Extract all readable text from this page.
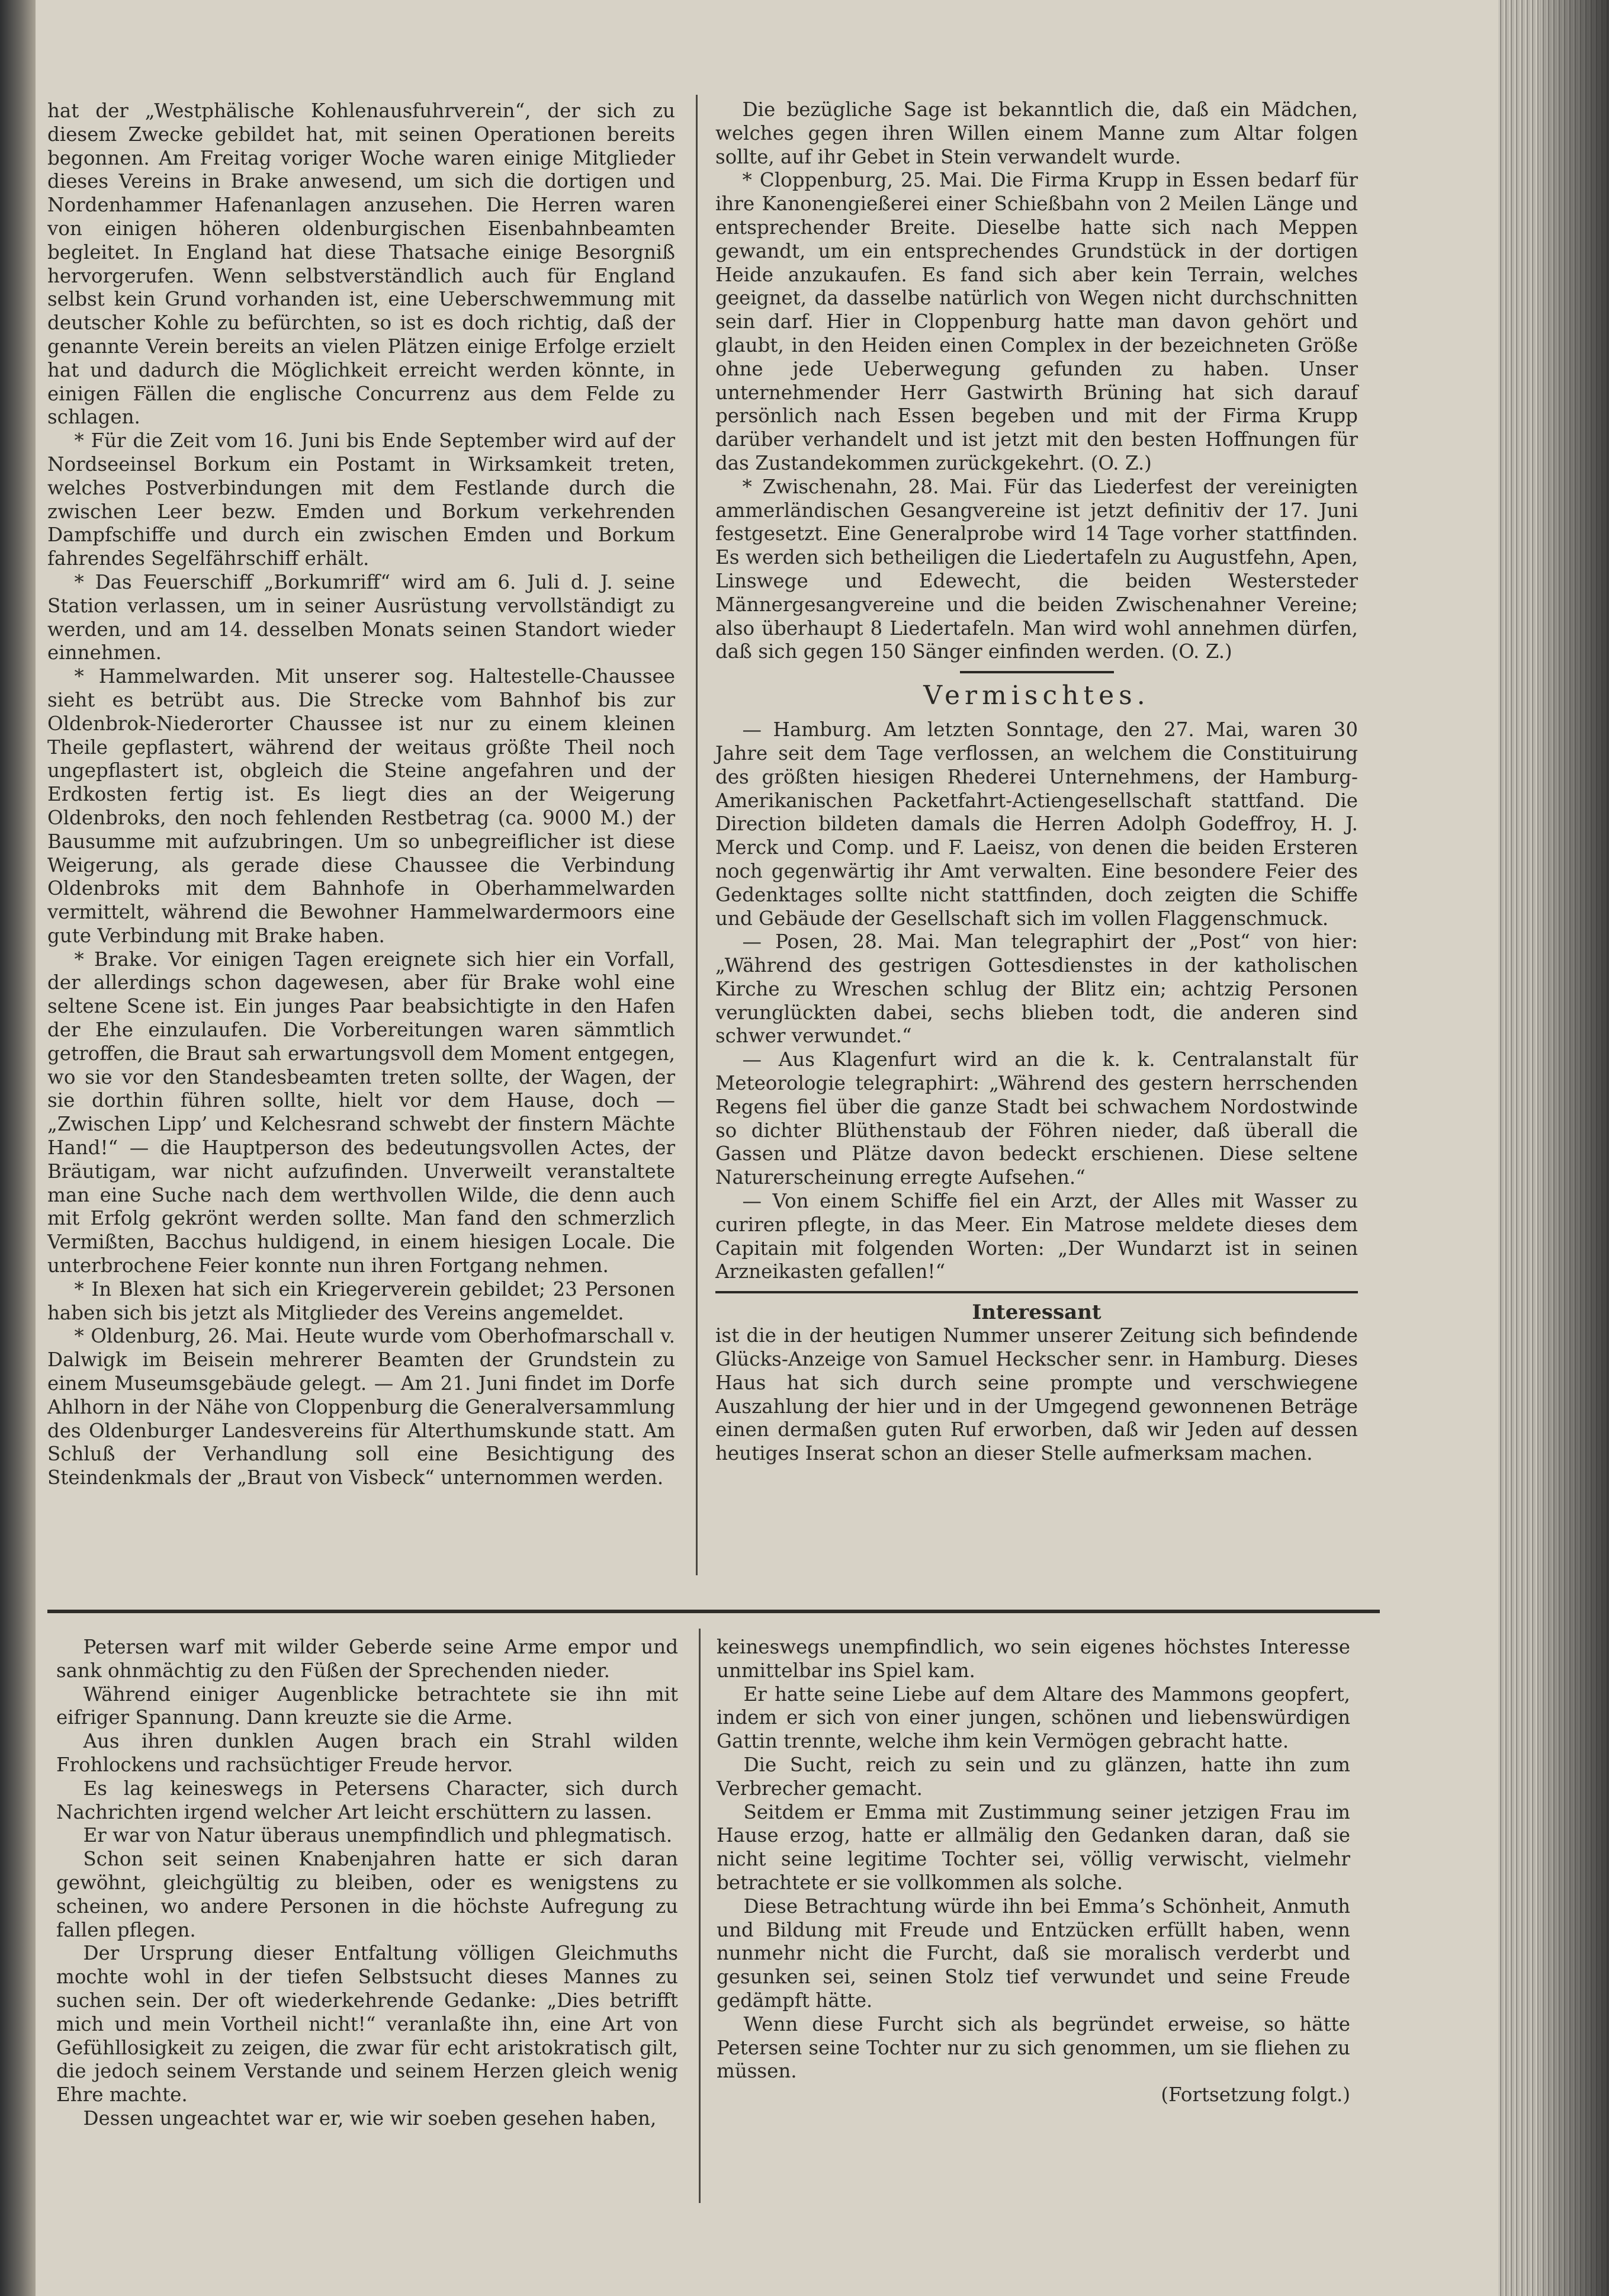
hat der „Westphälische Kohlenausfuhrverein“, der sich zu diesem Zwecke gebildet hat, mit seinen Operationen bereits begonnen. Am Freitag voriger Woche waren einige Mitglieder dieses Vereins in Brake anwesend, um sich die dortigen und Nordenhammer Hafenanlagen anzusehen. Die Herren waren von einigen höheren oldenburgischen Eisenbahnbeamten begleitet. In England hat diese Thatsache einige Besorgniß hervorgerufen. Wenn selbstverständlich auch für England selbst kein Grund vorhanden ist, eine Ueberschwemmung mit deutscher Kohle zu befürchten, so ist es doch richtig, daß der genannte Verein bereits an vielen Plätzen einige Erfolge erzielt hat und dadurch die Möglichkeit erreicht werden könnte, in einigen Fällen die englische Concurrenz aus dem Felde zu schlagen.

* Für die Zeit vom 16. Juni bis Ende September wird auf der Nordseeinsel Borkum ein Postamt in Wirksamkeit treten, welches Postverbindungen mit dem Festlande durch die zwischen Leer bezw. Emden und Borkum verkehrenden Dampfschiffe und durch ein zwischen Emden und Borkum fahrendes Segelfährschiff erhält.

* Das Feuerschiff „Borkumriff“ wird am 6. Juli d. J. seine Station verlassen, um in seiner Ausrüstung vervollständigt zu werden, und am 14. desselben Monats seinen Standort wieder einnehmen.

* Hammelwarden. Mit unserer sog. Haltestelle-Chaussee sieht es betrübt aus. Die Strecke vom Bahnhof bis zur Oldenbrok-Niederorter Chaussee ist nur zu einem kleinen Theile gepflastert, während der weitaus größte Theil noch ungepflastert ist, obgleich die Steine angefahren und der Erdkosten fertig ist. Es liegt dies an der Weigerung Oldenbroks, den noch fehlenden Restbetrag (ca. 9000 M.) der Bausumme mit aufzubringen. Um so unbegreiflicher ist diese Weigerung, als gerade diese Chaussee die Verbindung Oldenbroks mit dem Bahnhofe in Oberhammelwarden vermittelt, während die Bewohner Hammelwardermoors eine gute Verbindung mit Brake haben.

* Brake. Vor einigen Tagen ereignete sich hier ein Vorfall, der allerdings schon dagewesen, aber für Brake wohl eine seltene Scene ist. Ein junges Paar beabsichtigte in den Hafen der Ehe einzulaufen. Die Vorbereitungen waren sämmtlich getroffen, die Braut sah erwartungsvoll dem Moment entgegen, wo sie vor den Standesbeamten treten sollte, der Wagen, der sie dorthin führen sollte, hielt vor dem Hause, doch — „Zwischen Lipp’ und Kelchesrand schwebt der finstern Mächte Hand!“ — die Hauptperson des bedeutungsvollen Actes, der Bräutigam, war nicht aufzufinden. Unverweilt veranstaltete man eine Suche nach dem werthvollen Wilde, die denn auch mit Erfolg gekrönt werden sollte. Man fand den schmerzlich Vermißten, Bacchus huldigend, in einem hiesigen Locale. Die unterbrochene Feier konnte nun ihren Fortgang nehmen.

* In Blexen hat sich ein Kriegerverein gebildet; 23 Personen haben sich bis jetzt als Mitglieder des Vereins angemeldet.

* Oldenburg, 26. Mai. Heute wurde vom Oberhofmarschall v. Dalwigk im Beisein mehrerer Beamten der Grundstein zu einem Museumsgebäude gelegt. — Am 21. Juni findet im Dorfe Ahlhorn in der Nähe von Cloppenburg die Generalversammlung des Oldenburger Landesvereins für Alterthumskunde statt. Am Schluß der Verhandlung soll eine Besichtigung des Steindenkmals der „Braut von Visbeck“ unternommen werden.

Die bezügliche Sage ist bekanntlich die, daß ein Mädchen, welches gegen ihren Willen einem Manne zum Altar folgen sollte, auf ihr Gebet in Stein verwandelt wurde.

* Cloppenburg, 25. Mai. Die Firma Krupp in Essen bedarf für ihre Kanonengießerei einer Schießbahn von 2 Meilen Länge und entsprechender Breite. Dieselbe hatte sich nach Meppen gewandt, um ein entsprechendes Grundstück in der dortigen Heide anzukaufen. Es fand sich aber kein Terrain, welches geeignet, da dasselbe natürlich von Wegen nicht durchschnitten sein darf. Hier in Cloppenburg hatte man davon gehört und glaubt, in den Heiden einen Complex in der bezeichneten Größe ohne jede Ueberwegung gefunden zu haben. Unser unternehmender Herr Gastwirth Brüning hat sich darauf persönlich nach Essen begeben und mit der Firma Krupp darüber verhandelt und ist jetzt mit den besten Hoffnungen für das Zustandekommen zurückgekehrt. (O. Z.)

* Zwischenahn, 28. Mai. Für das Liederfest der vereinigten ammerländischen Gesangvereine ist jetzt definitiv der 17. Juni festgesetzt. Eine Generalprobe wird 14 Tage vorher stattfinden. Es werden sich betheiligen die Liedertafeln zu Augustfehn, Apen, Linswege und Edewecht, die beiden Westersteder Männergesangvereine und die beiden Zwischenahner Vereine; also überhaupt 8 Liedertafeln. Man wird wohl annehmen dürfen, daß sich gegen 150 Sänger einfinden werden. (O. Z.)

Vermischtes.

— Hamburg. Am letzten Sonntage, den 27. Mai, waren 30 Jahre seit dem Tage verflossen, an welchem die Constituirung des größten hiesigen Rhederei Unternehmens, der Hamburg-Amerikanischen Packetfahrt-Actiengesellschaft stattfand. Die Direction bildeten damals die Herren Adolph Godeffroy, H. J. Merck und Comp. und F. Laeisz, von denen die beiden Ersteren noch gegenwärtig ihr Amt verwalten. Eine besondere Feier des Gedenktages sollte nicht stattfinden, doch zeigten die Schiffe und Gebäude der Gesellschaft sich im vollen Flaggenschmuck.

— Posen, 28. Mai. Man telegraphirt der „Post“ von hier: „Während des gestrigen Gottesdienstes in der katholischen Kirche zu Wreschen schlug der Blitz ein; achtzig Personen verunglückten dabei, sechs blieben todt, die anderen sind schwer verwundet.“

— Aus Klagenfurt wird an die k. k. Centralanstalt für Meteorologie telegraphirt: „Während des gestern herrschenden Regens fiel über die ganze Stadt bei schwachem Nordostwinde so dichter Blüthenstaub der Föhren nieder, daß überall die Gassen und Plätze davon bedeckt erschienen. Diese seltene Naturerscheinung erregte Aufsehen.“

— Von einem Schiffe fiel ein Arzt, der Alles mit Wasser zu curiren pflegte, in das Meer. Ein Matrose meldete dieses dem Capitain mit folgenden Worten: „Der Wundarzt ist in seinen Arzneikasten gefallen!“

Interessant

ist die in der heutigen Nummer unserer Zeitung sich befindende Glücks-Anzeige von Samuel Heckscher senr. in Hamburg. Dieses Haus hat sich durch seine prompte und verschwiegene Auszahlung der hier und in der Umgegend gewonnenen Beträge einen dermaßen guten Ruf erworben, daß wir Jeden auf dessen heutiges Inserat schon an dieser Stelle aufmerksam machen.

Petersen warf mit wilder Geberde seine Arme empor und sank ohnmächtig zu den Füßen der Sprechenden nieder.

Während einiger Augenblicke betrachtete sie ihn mit eifriger Spannung. Dann kreuzte sie die Arme.

Aus ihren dunklen Augen brach ein Strahl wilden Frohlockens und rachsüchtiger Freude hervor.

Es lag keineswegs in Petersens Character, sich durch Nachrichten irgend welcher Art leicht erschüttern zu lassen.

Er war von Natur überaus unempfindlich und phlegmatisch.

Schon seit seinen Knabenjahren hatte er sich daran gewöhnt, gleichgültig zu bleiben, oder es wenigstens zu scheinen, wo andere Personen in die höchste Aufregung zu fallen pflegen.

Der Ursprung dieser Entfaltung völligen Gleichmuths mochte wohl in der tiefen Selbstsucht dieses Mannes zu suchen sein. Der oft wiederkehrende Gedanke: „Dies betrifft mich und mein Vortheil nicht!“ veranlaßte ihn, eine Art von Gefühllosigkeit zu zeigen, die zwar für echt aristokratisch gilt, die jedoch seinem Verstande und seinem Herzen gleich wenig Ehre machte.

Dessen ungeachtet war er, wie wir soeben gesehen haben,

keineswegs unempfindlich, wo sein eigenes höchstes Interesse unmittelbar ins Spiel kam.

Er hatte seine Liebe auf dem Altare des Mammons geopfert, indem er sich von einer jungen, schönen und liebenswürdigen Gattin trennte, welche ihm kein Vermögen gebracht hatte.

Die Sucht, reich zu sein und zu glänzen, hatte ihn zum Verbrecher gemacht.

Seitdem er Emma mit Zustimmung seiner jetzigen Frau im Hause erzog, hatte er allmälig den Gedanken daran, daß sie nicht seine legitime Tochter sei, völlig verwischt, vielmehr betrachtete er sie vollkommen als solche.

Diese Betrachtung würde ihn bei Emma’s Schönheit, Anmuth und Bildung mit Freude und Entzücken erfüllt haben, wenn nunmehr nicht die Furcht, daß sie moralisch verderbt und gesunken sei, seinen Stolz tief verwundet und seine Freude gedämpft hätte.

Wenn diese Furcht sich als begründet erweise, so hätte Petersen seine Tochter nur zu sich genommen, um sie fliehen zu müssen.

(Fortsetzung folgt.)
